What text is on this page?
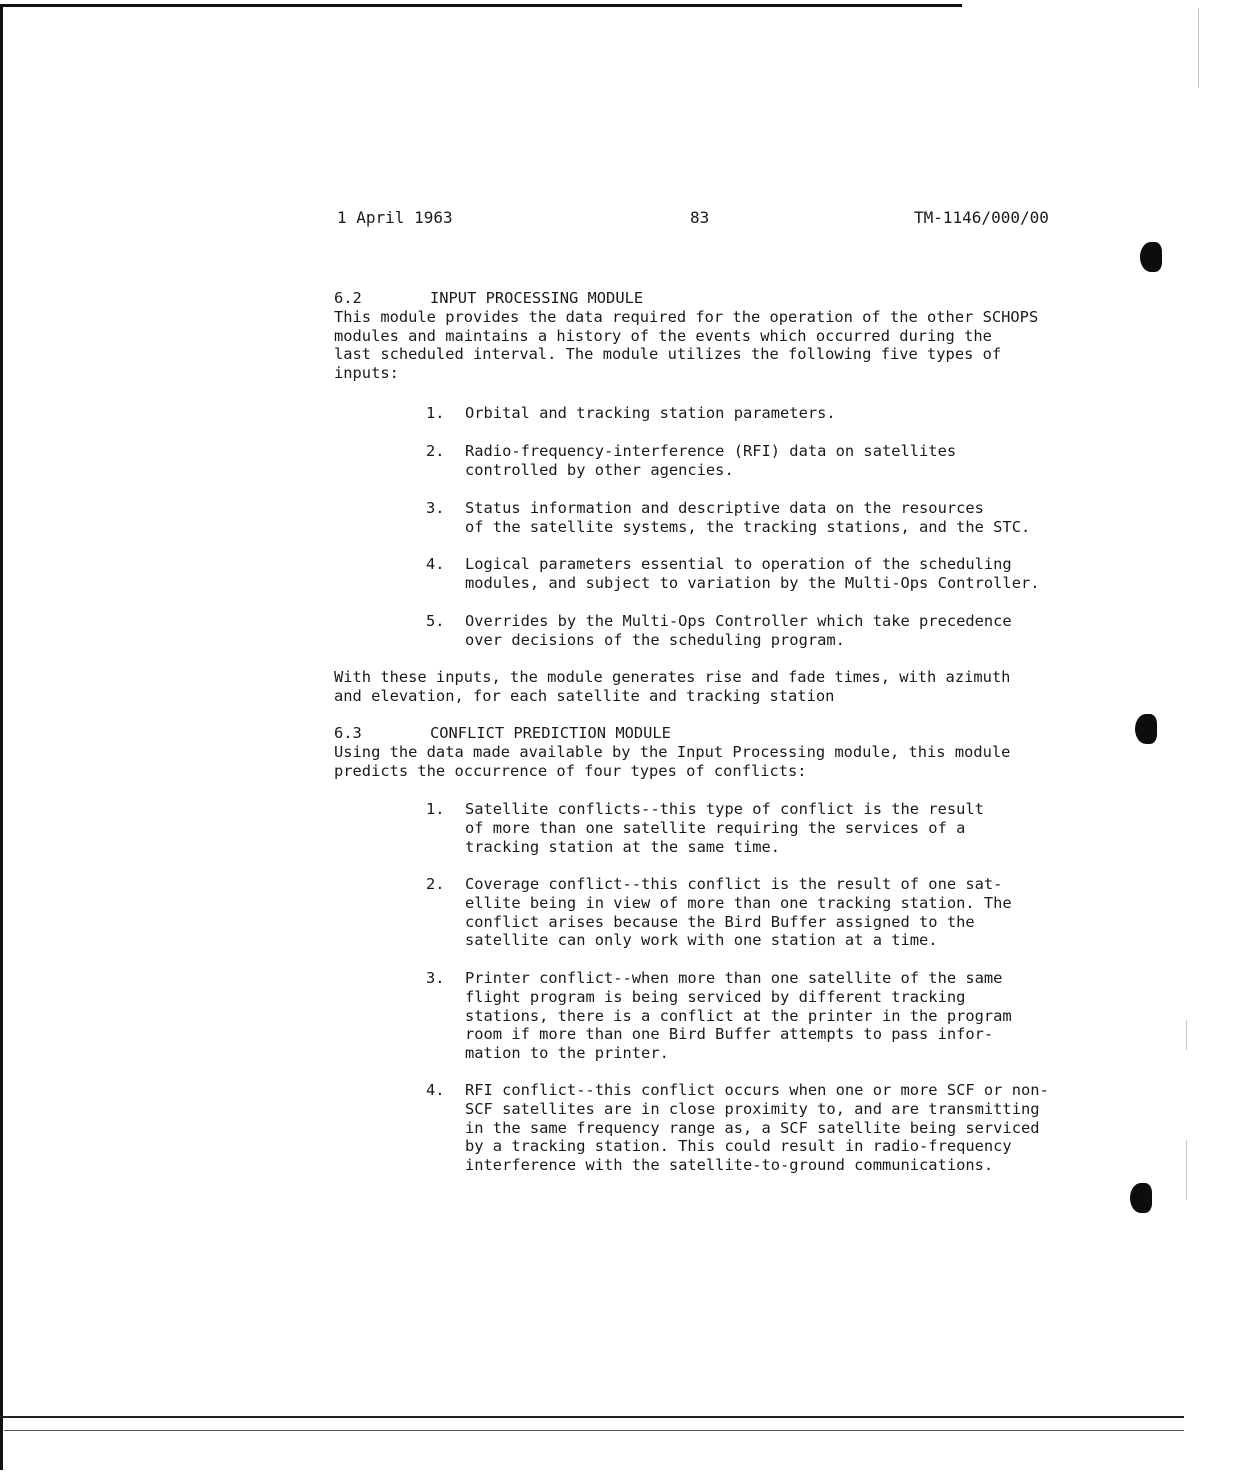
1 April 1963	83	TM-1146/000/00
6.2	INPUT PROCESSING MODULE
This module provides the data required for the operation of the other SCHOPS
modules and maintains a history of the events which occurred during the
last scheduled interval. The module utilizes the following five types of
inputs:
1.	Orbital and tracking station parameters.
2.	Radio-frequency-interference (RFI) data on satellites
controlled by other agencies.
3.	Status information and descriptive data on the resources
of the satellite systems, the tracking stations, and the STC.
4.	Logical parameters essential to operation of the scheduling
modules, and subject to variation by the Multi-Ops Controller.
5.	Overrides by the Multi-Ops Controller which take precedence
over decisions of the scheduling program.
With these inputs, the module generates rise and fade times, with azimuth
and elevation, for each satellite and tracking station
6.3	CONFLICT PREDICTION MODULE
Using the data made available by the Input Processing module, this module
predicts the occurrence of four types of conflicts:
1.	Satellite conflicts--this type of conflict is the result
of more than one satellite requiring the services of a
tracking station at the same time.
2.	Coverage conflict--this conflict is the result of one sat-
ellite being in view of more than one tracking station. The
conflict arises because the Bird Buffer assigned to the
satellite can only work with one station at a time.
3.	Printer conflict--when more than one satellite of the same
flight program is being serviced by different tracking
stations, there is a conflict at the printer in the program
room if more than one Bird Buffer attempts to pass infor-
mation to the printer.
4.	RFI conflict--this conflict occurs when one or more SCF or non-
SCF satellites are in close proximity to, and are transmitting
in the same frequency range as, a SCF satellite being serviced
by a tracking station. This could result in radio-frequency
interference with the satellite-to-ground communications.
